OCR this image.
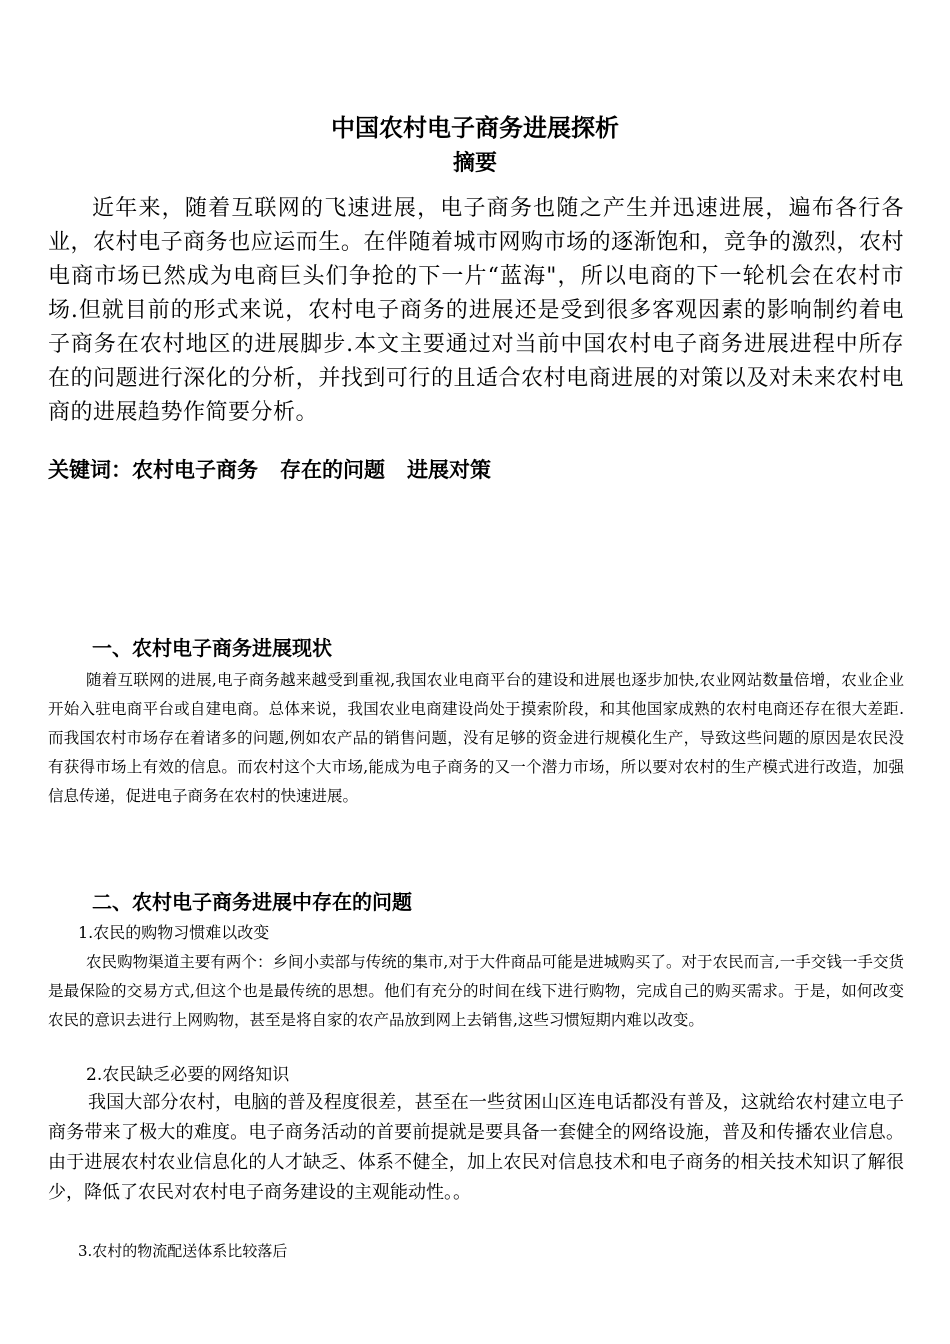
中国农村电子商务进展探析
摘要
近年来，随着互联网的飞速进展，电子商务也随之产生并迅速进展，遍布各行各业，农村电子商务也应运而生。在伴随着城市网购市场的逐渐饱和，竞争的激烈，农村电商市场已然成为电商巨头们争抢的下一片“蓝海"，所以电商的下一轮机会在农村市场.但就目前的形式来说，农村电子商务的进展还是受到很多客观因素的影响制约着电子商务在农村地区的进展脚步.本文主要通过对当前中国农村电子商务进展进程中所存在的问题进行深化的分析，并找到可行的且适合农村电商进展的对策以及对未来农村电商的进展趋势作简要分析。
关键词：农村电子商务 存在的问题 进展对策
一、农村电子商务进展现状
随着互联网的进展,电子商务越来越受到重视,我国农业电商平台的建设和进展也逐步加快,农业网站数量倍增，农业企业开始入驻电商平台或自建电商。总体来说，我国农业电商建设尚处于摸索阶段，和其他国家成熟的农村电商还存在很大差距.而我国农村市场存在着诸多的问题,例如农产品的销售问题，没有足够的资金进行规模化生产，导致这些问题的原因是农民没有获得市场上有效的信息。而农村这个大市场,能成为电子商务的又一个潜力市场，所以要对农村的生产模式进行改造，加强信息传递，促进电子商务在农村的快速进展。
二、农村电子商务进展中存在的问题
1.农民的购物习惯难以改变
农民购物渠道主要有两个：乡间小卖部与传统的集市,对于大件商品可能是进城购买了。对于农民而言,一手交钱一手交货是最保险的交易方式,但这个也是最传统的思想。他们有充分的时间在线下进行购物，完成自己的购买需求。于是，如何改变农民的意识去进行上网购物，甚至是将自家的农产品放到网上去销售,这些习惯短期内难以改变。
2.农民缺乏必要的网络知识
我国大部分农村，电脑的普及程度很差，甚至在一些贫困山区连电话都没有普及，这就给农村建立电子商务带来了极大的难度。电子商务活动的首要前提就是要具备一套健全的网络设施，普及和传播农业信息。由于进展农村农业信息化的人才缺乏、体系不健全，加上农民对信息技术和电子商务的相关技术知识了解很少，降低了农民对农村电子商务建设的主观能动性。。
3.农村的物流配送体系比较落后
